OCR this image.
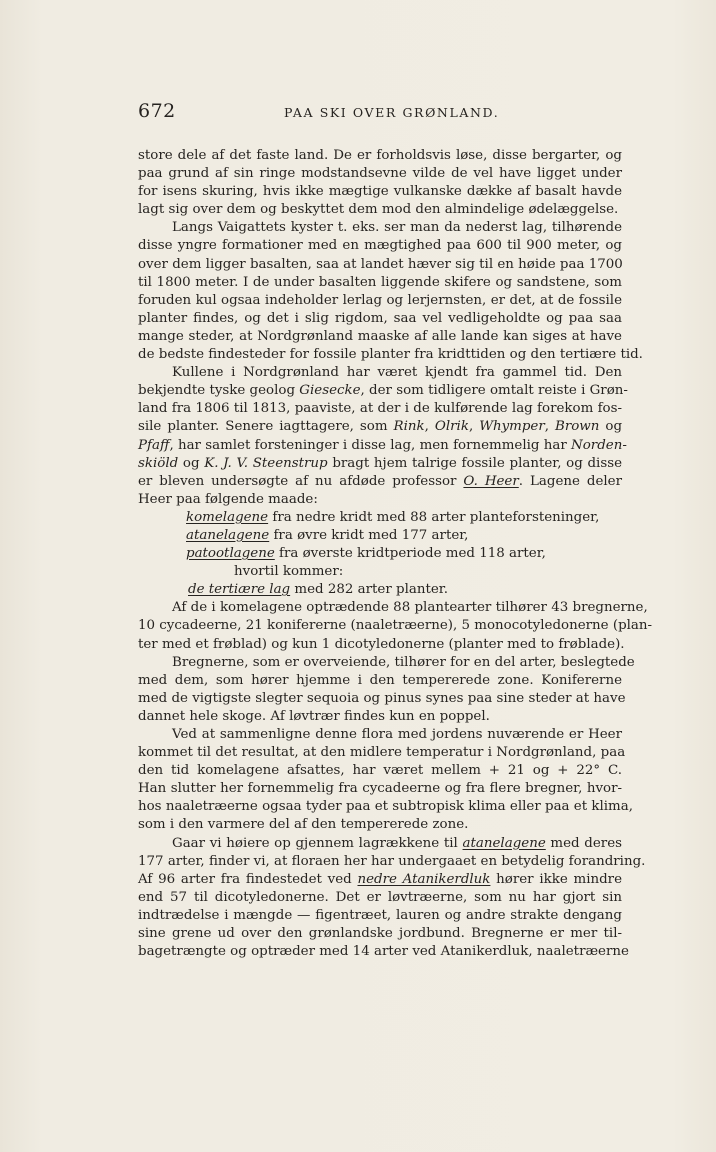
672	PAA SKI OVER GRØNLAND.
store dele af det faste land. De er forholdsvis løse, disse bergarter, og
paa grund af sin ringe modstandsevne vilde de vel have ligget under
for isens skuring, hvis ikke mægtige vulkanske dække af basalt havde
lagt sig over dem og beskyttet dem mod den almindelige ødelæggelse.
Langs Vaigattets kyster t. eks. ser man da nederst lag, tilhørende
disse yngre formationer med en mægtighed paa 600 til 900 meter, og
over dem ligger basalten, saa at landet hæver sig til en høide paa 1700
til 1800 meter. I de under basalten liggende skifere og sandstene, som
foruden kul ogsaa indeholder lerlag og lerjernsten, er det, at de fossile
planter findes, og det i slig rigdom, saa vel vedligeholdte og paa saa
mange steder, at Nordgrønland maaske af alle lande kan siges at have
de bedste findesteder for fossile planter fra kridttiden og den tertiære tid.
Kullene i Nordgrønland har været kjendt fra gammel tid. Den
bekjendte tyske geolog Giesecke, der som tidligere omtalt reiste i Grøn-
land fra 1806 til 1813, paaviste, at der i de kulførende lag forekom fos-
sile planter. Senere iagttagere, som Rink, Olrik, Whymper, Brown og
Pfaff, har samlet forsteninger i disse lag, men fornemmelig har Norden-
skiöld og K. J. V. Steenstrup bragt hjem talrige fossile planter, og disse
er bleven undersøgte af nu afdøde professor O. Heer. Lagene deler
Heer paa følgende maade:
komelagene fra nedre kridt med 88 arter planteforsteninger,
atanelagene fra øvre kridt med 177 arter,
patootlagene fra øverste kridtperiode med 118 arter,
hvortil kommer:
de tertiære lag med 282 arter planter.
Af de i komelagene optrædende 88 plantearter tilhører 43 bregnerne,
10 cycadeerne, 21 konifererne (naaletræerne), 5 monocotyledonerne (plan-
ter med et frøblad) og kun 1 dicotyledonerne (planter med to frøblade).
Bregnerne, som er overveiende, tilhører for en del arter, beslegtede
med dem, som hører hjemme i den tempererede zone. Konifererne
med de vigtigste slegter sequoia og pinus synes paa sine steder at have
dannet hele skoge. Af løvtrær findes kun en poppel.
Ved at sammenligne denne flora med jordens nuværende er Heer
kommet til det resultat, at den midlere temperatur i Nordgrønland, paa
den tid komelagene afsattes, har været mellem + 21 og + 22° C.
Han slutter her fornemmelig fra cycadeerne og fra flere bregner, hvor-
hos naaletræerne ogsaa tyder paa et subtropisk klima eller paa et klima,
som i den varmere del af den tempererede zone.
Gaar vi høiere op gjennem lagrækkene til atanelagene med deres
177 arter, finder vi, at floraen her har undergaaet en betydelig forandring.
Af 96 arter fra findestedet ved nedre Atanikerdluk hører ikke mindre
end 57 til dicotyledonerne. Det er løvtræerne, som nu har gjort sin
indtrædelse i mængde — figentræet, lauren og andre strakte dengang
sine grene ud over den grønlandske jordbund. Bregnerne er mer til-
bagetrængte og optræder med 14 arter ved Atanikerdluk, naaletræerne
